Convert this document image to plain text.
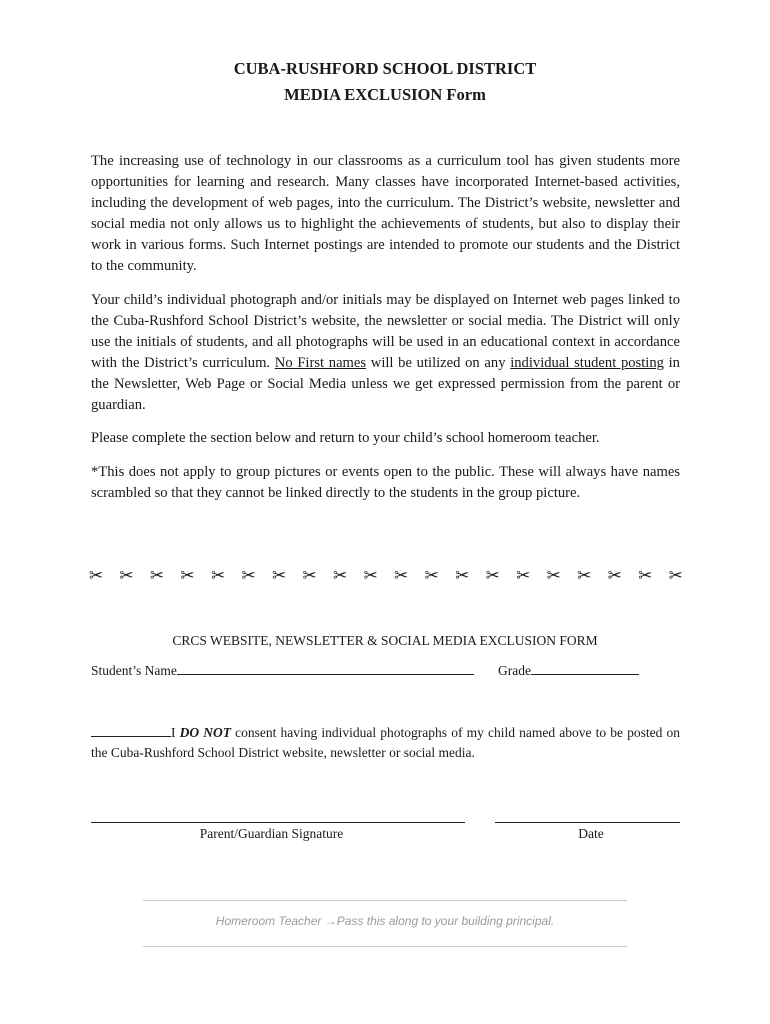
CUBA-RUSHFORD SCHOOL DISTRICT
MEDIA EXCLUSION Form

The increasing use of technology in our classrooms as a curriculum tool has given students more opportunities for learning and research. Many classes have incorporated Internet-based activities, including the development of web pages, into the curriculum. The District’s website, newsletter and social media not only allows us to highlight the achievements of students, but also to display their work in various forms. Such Internet postings are intended to promote our students and the District to the community.

Your child’s individual photograph and/or initials may be displayed on Internet web pages linked to the Cuba-Rushford School District’s website, the newsletter or social media. The District will only use the initials of students, and all photographs will be used in an educational context in accordance with the District’s curriculum. No First names will be utilized on any individual student posting in the Newsletter, Web Page or Social Media unless we get expressed permission from the parent or guardian.

Please complete the section below and return to your child’s school homeroom teacher.

*This does not apply to group pictures or events open to the public. These will always have names scrambled so that they cannot be linked directly to the students in the group picture.

✂ ✂ ✂ ✂ ✂ ✂ ✂ ✂ ✂ ✂ ✂ ✂ ✂ ✂ ✂ ✂ ✂ ✂ ✂ ✂
CRCS WEBSITE, NEWSLETTER & SOCIAL MEDIA EXCLUSION FORM
Student’s Name	Grade
I DO NOT consent having individual photographs of my child named above to be posted on the Cuba-Rushford School District website, newsletter or social media.
Parent/Guardian Signature	Date
Homeroom Teacher →Pass this along to your building principal.
